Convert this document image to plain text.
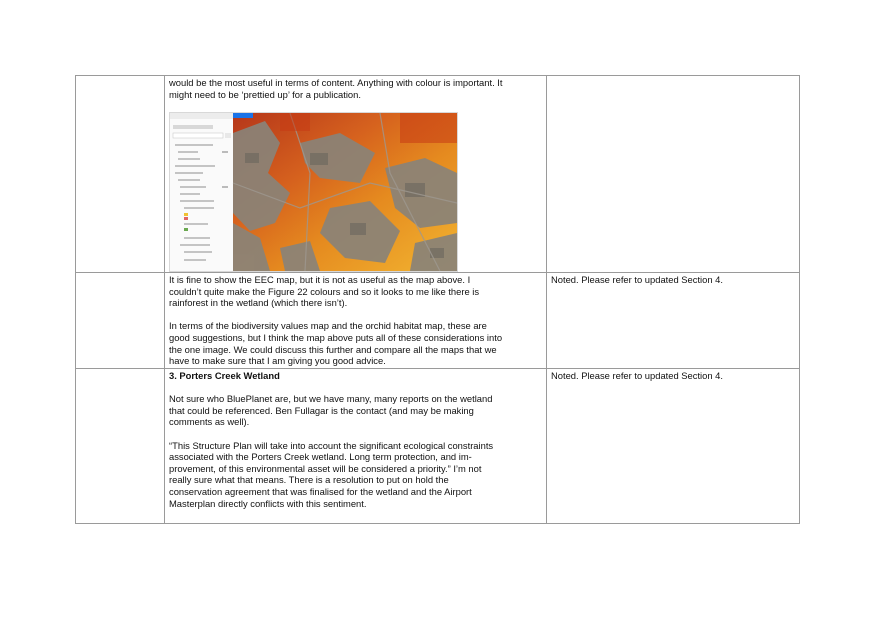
would be the most useful in terms of content. Anything with colour is important. It

might need to be ‘prettied up’ for a publication.

It is fine to show the EEC map, but it is not as useful as the map above. I

couldn’t quite make the Figure 22 colours and so it looks to me like there is

rainforest in the wetland (which there isn’t).

In terms of the biodiversity values map and the orchid habitat map, these are

good suggestions, but I think the map above puts all of these considerations into

the one image. We could discuss this further and compare all the maps that we

have to make sure that I am giving you good advice.

Noted. Please refer to updated Section 4.

3. Porters Creek Wetland

Not sure who BluePlanet are, but we have many, many reports on the wetland

that could be referenced. Ben Fullagar is the contact (and may be making

comments as well).

“This Structure Plan will take into account the significant ecological constraints

associated with the Porters Creek wetland. Long term protection, and im-

provement, of this environmental asset will be considered a priority.” I’m not

really sure what that means. There is a resolution to put on hold the

conservation agreement that was finalised for the wetland and the Airport

Masterplan directly conflicts with this sentiment.

Noted. Please refer to updated Section 4.
